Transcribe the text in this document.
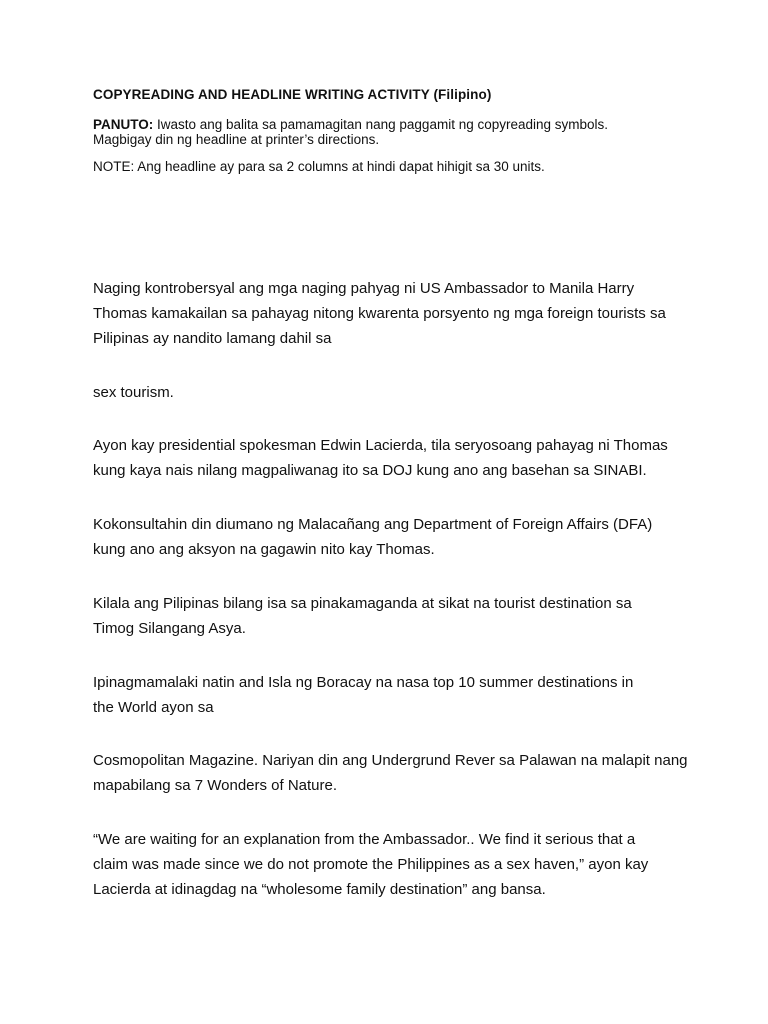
COPYREADING AND HEADLINE WRITING ACTIVITY (Filipino)

PANUTO: Iwasto ang balita sa pamamagitan nang paggamit ng copyreading symbols. Magbigay din ng headline at printer’s directions.

NOTE: Ang headline ay para sa 2 columns at hindi dapat hihigit sa 30 units.

Naging kontrobersyal ang mga naging pahyag ni US Ambassador to Manila Harry Thomas kamakailan sa pahayag nitong kwarenta porsyento ng mga foreign tourists sa Pilipinas ay nandito lamang dahil sa

sex tourism.

Ayon kay presidential spokesman Edwin Lacierda, tila seryosoang pahayag ni Thomas kung kaya nais nilang magpaliwanag ito sa DOJ kung ano ang basehan sa SINABI.

Kokonsultahin din diumano ng Malacañang ang Department of Foreign Affairs (DFA) kung ano ang aksyon na gagawin nito kay Thomas.

Kilala ang Pilipinas bilang isa sa pinakamaganda at sikat na tourist destination sa Timog Silangang Asya.

Ipinagmamalaki natin and Isla ng Boracay na nasa top 10 summer destinations in the World ayon sa

Cosmopolitan Magazine. Nariyan din ang Undergrund Rever sa Palawan na malapit nang mapabilang sa 7 Wonders of Nature.

“We are waiting for an explanation from the Ambassador.. We find it serious that a claim was made since we do not promote the Philippines as a sex haven,” ayon kay Lacierda at idinagdag na “wholesome family destination” ang bansa.
